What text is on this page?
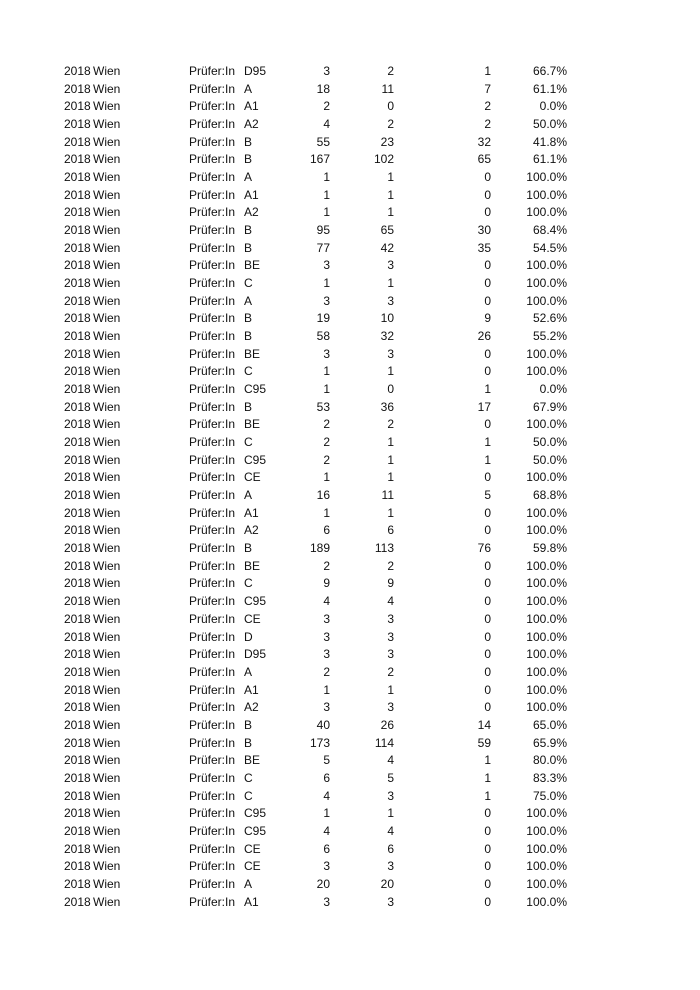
2018 Wien	Prüfer:In D95	3	2	1	66.7%
2018 Wien	Prüfer:In A	18	11	7	61.1%
2018 Wien	Prüfer:In A1	2	0	2	0.0%
2018 Wien	Prüfer:In A2	4	2	2	50.0%
2018 Wien	Prüfer:In B	55	23	32	41.8%
2018 Wien	Prüfer:In B	167	102	65	61.1%
2018 Wien	Prüfer:In A	1	1	0	100.0%
2018 Wien	Prüfer:In A1	1	1	0	100.0%
2018 Wien	Prüfer:In A2	1	1	0	100.0%
2018 Wien	Prüfer:In B	95	65	30	68.4%
2018 Wien	Prüfer:In B	77	42	35	54.5%
2018 Wien	Prüfer:In BE	3	3	0	100.0%
2018 Wien	Prüfer:In C	1	1	0	100.0%
2018 Wien	Prüfer:In A	3	3	0	100.0%
2018 Wien	Prüfer:In B	19	10	9	52.6%
2018 Wien	Prüfer:In B	58	32	26	55.2%
2018 Wien	Prüfer:In BE	3	3	0	100.0%
2018 Wien	Prüfer:In C	1	1	0	100.0%
2018 Wien	Prüfer:In C95	1	0	1	0.0%
2018 Wien	Prüfer:In B	53	36	17	67.9%
2018 Wien	Prüfer:In BE	2	2	0	100.0%
2018 Wien	Prüfer:In C	2	1	1	50.0%
2018 Wien	Prüfer:In C95	2	1	1	50.0%
2018 Wien	Prüfer:In CE	1	1	0	100.0%
2018 Wien	Prüfer:In A	16	11	5	68.8%
2018 Wien	Prüfer:In A1	1	1	0	100.0%
2018 Wien	Prüfer:In A2	6	6	0	100.0%
2018 Wien	Prüfer:In B	189	113	76	59.8%
2018 Wien	Prüfer:In BE	2	2	0	100.0%
2018 Wien	Prüfer:In C	9	9	0	100.0%
2018 Wien	Prüfer:In C95	4	4	0	100.0%
2018 Wien	Prüfer:In CE	3	3	0	100.0%
2018 Wien	Prüfer:In D	3	3	0	100.0%
2018 Wien	Prüfer:In D95	3	3	0	100.0%
2018 Wien	Prüfer:In A	2	2	0	100.0%
2018 Wien	Prüfer:In A1	1	1	0	100.0%
2018 Wien	Prüfer:In A2	3	3	0	100.0%
2018 Wien	Prüfer:In B	40	26	14	65.0%
2018 Wien	Prüfer:In B	173	114	59	65.9%
2018 Wien	Prüfer:In BE	5	4	1	80.0%
2018 Wien	Prüfer:In C	6	5	1	83.3%
2018 Wien	Prüfer:In C	4	3	1	75.0%
2018 Wien	Prüfer:In C95	1	1	0	100.0%
2018 Wien	Prüfer:In C95	4	4	0	100.0%
2018 Wien	Prüfer:In CE	6	6	0	100.0%
2018 Wien	Prüfer:In CE	3	3	0	100.0%
2018 Wien	Prüfer:In A	20	20	0	100.0%
2018 Wien	Prüfer:In A1	3	3	0	100.0%
